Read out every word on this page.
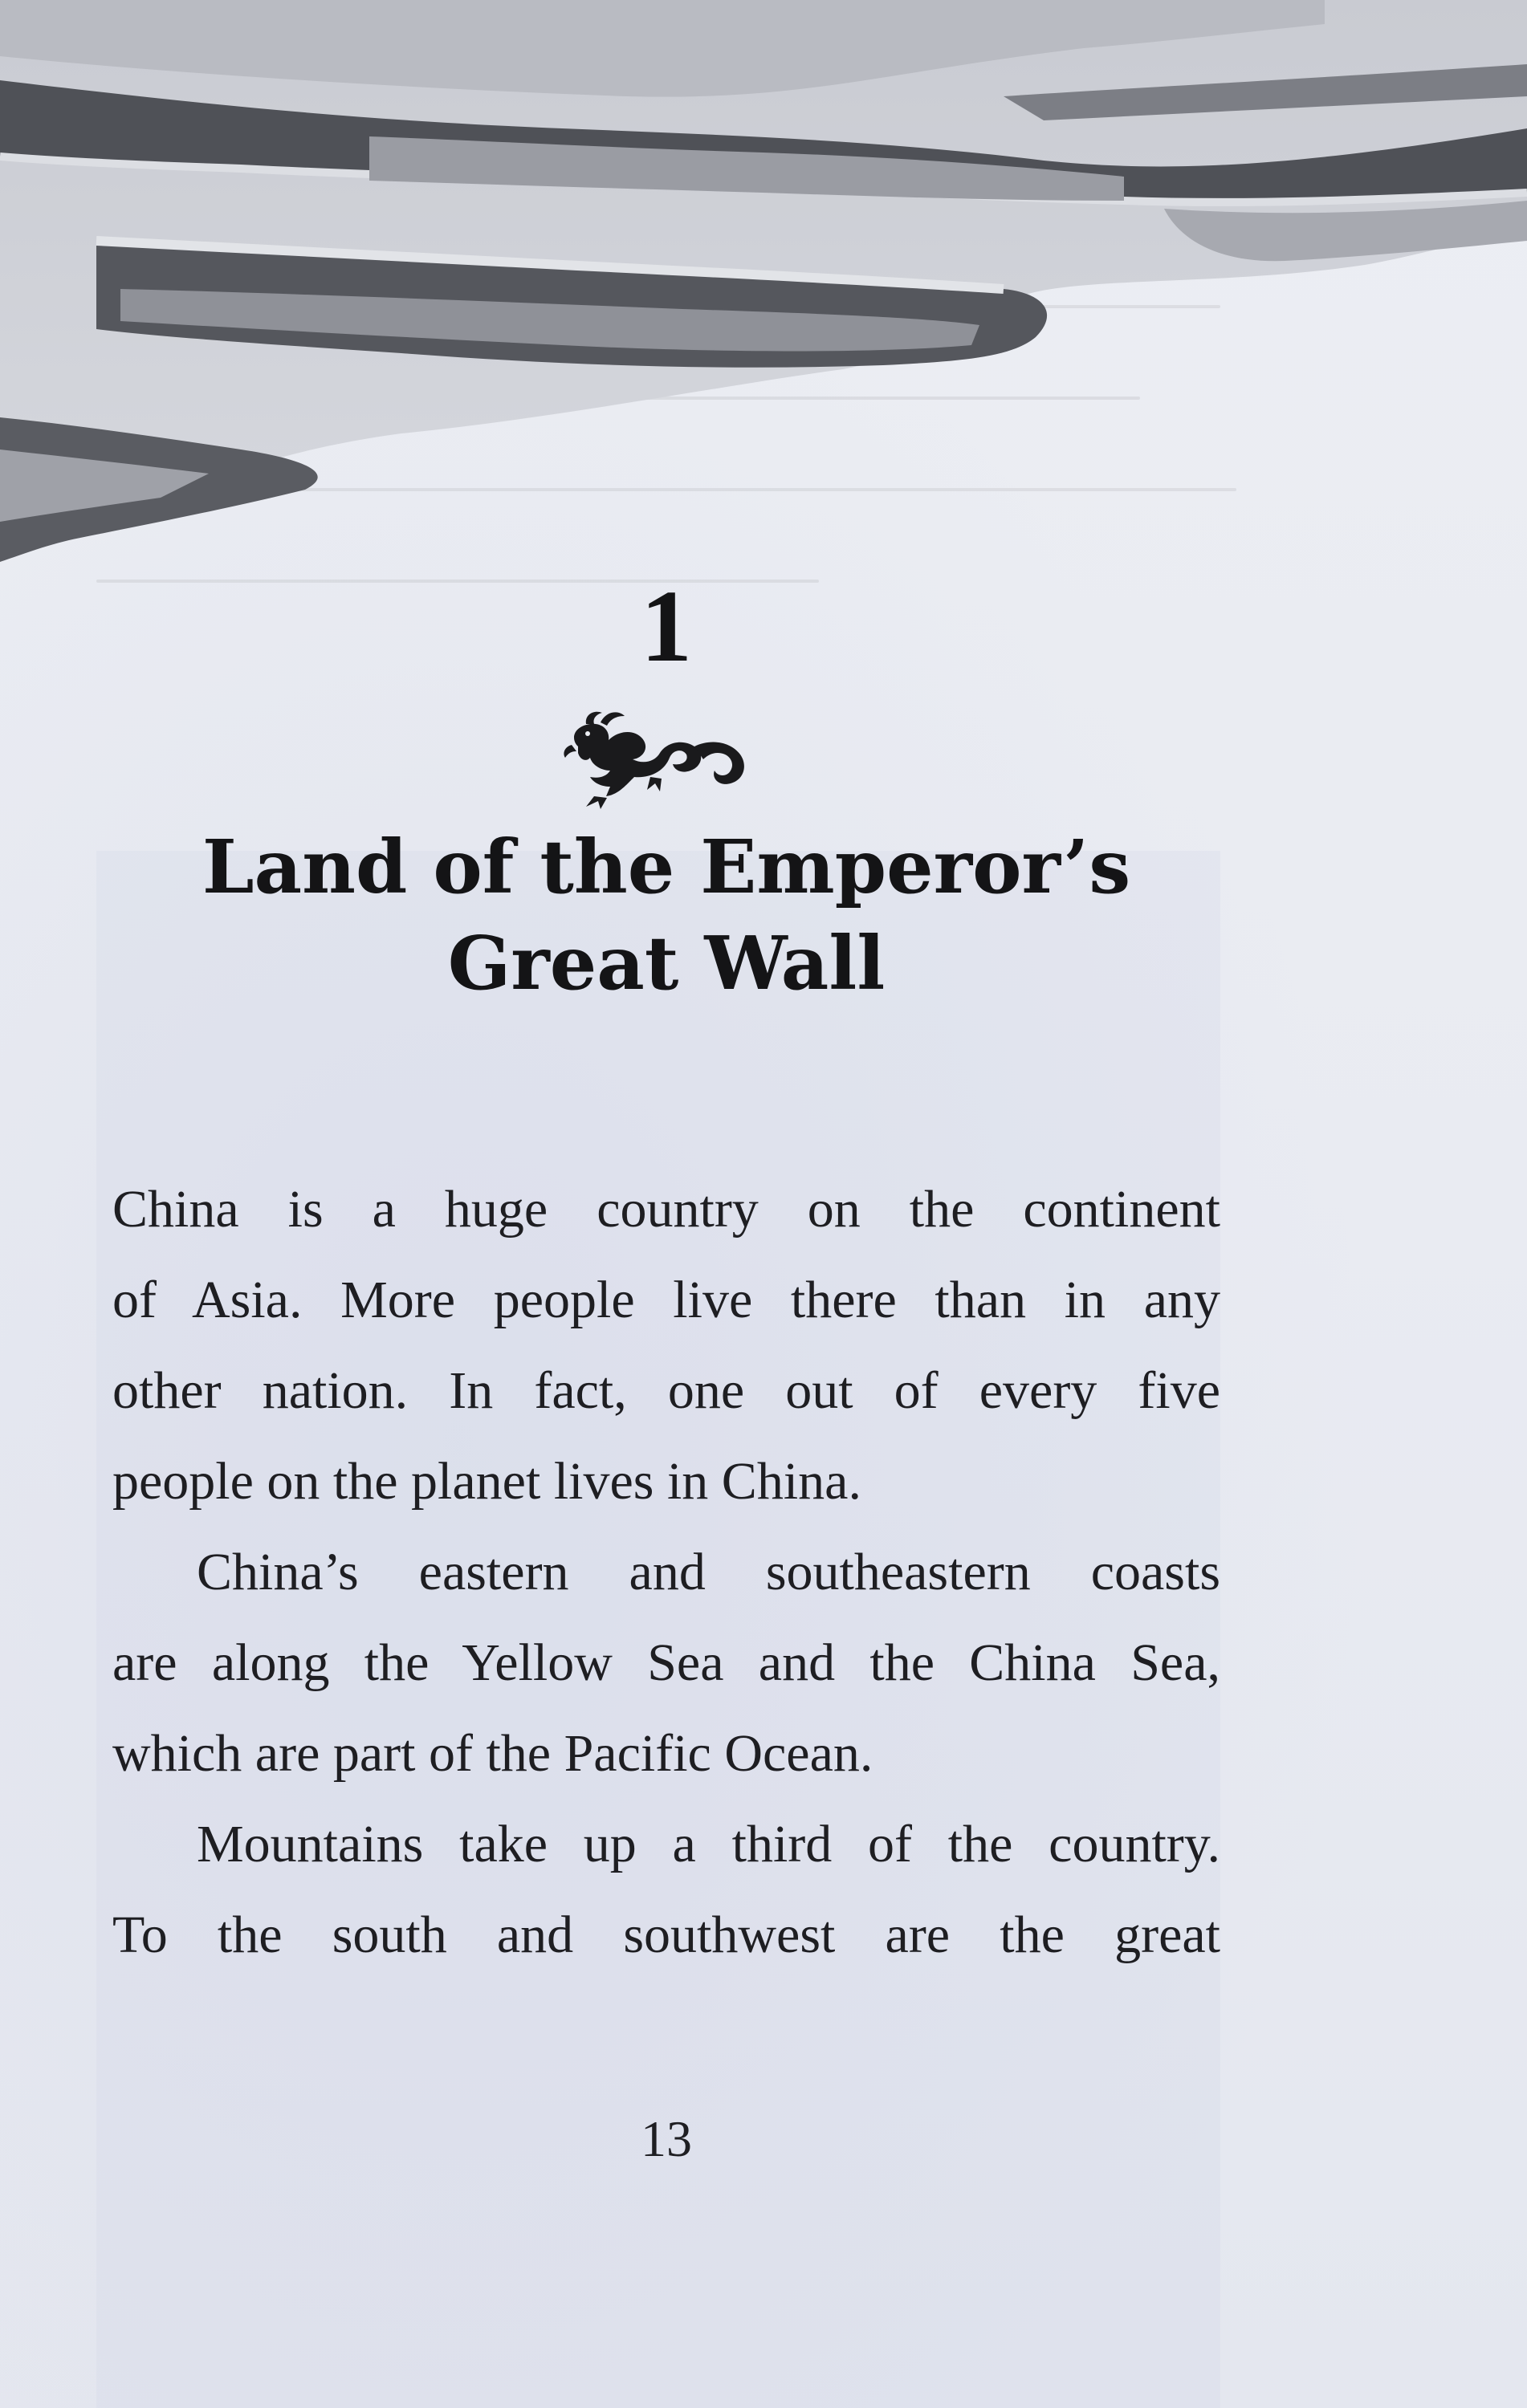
1
Land of the Emperor’s
Great Wall
China is a huge country on the continent
of Asia. More people live there than in any
other nation. In fact, one out of every five
people on the planet lives in China.
China’s eastern and southeastern coasts
are along the Yellow Sea and the China Sea,
which are part of the Pacific Ocean.
Mountains take up a third of the country.
To the south and southwest are the great
13
